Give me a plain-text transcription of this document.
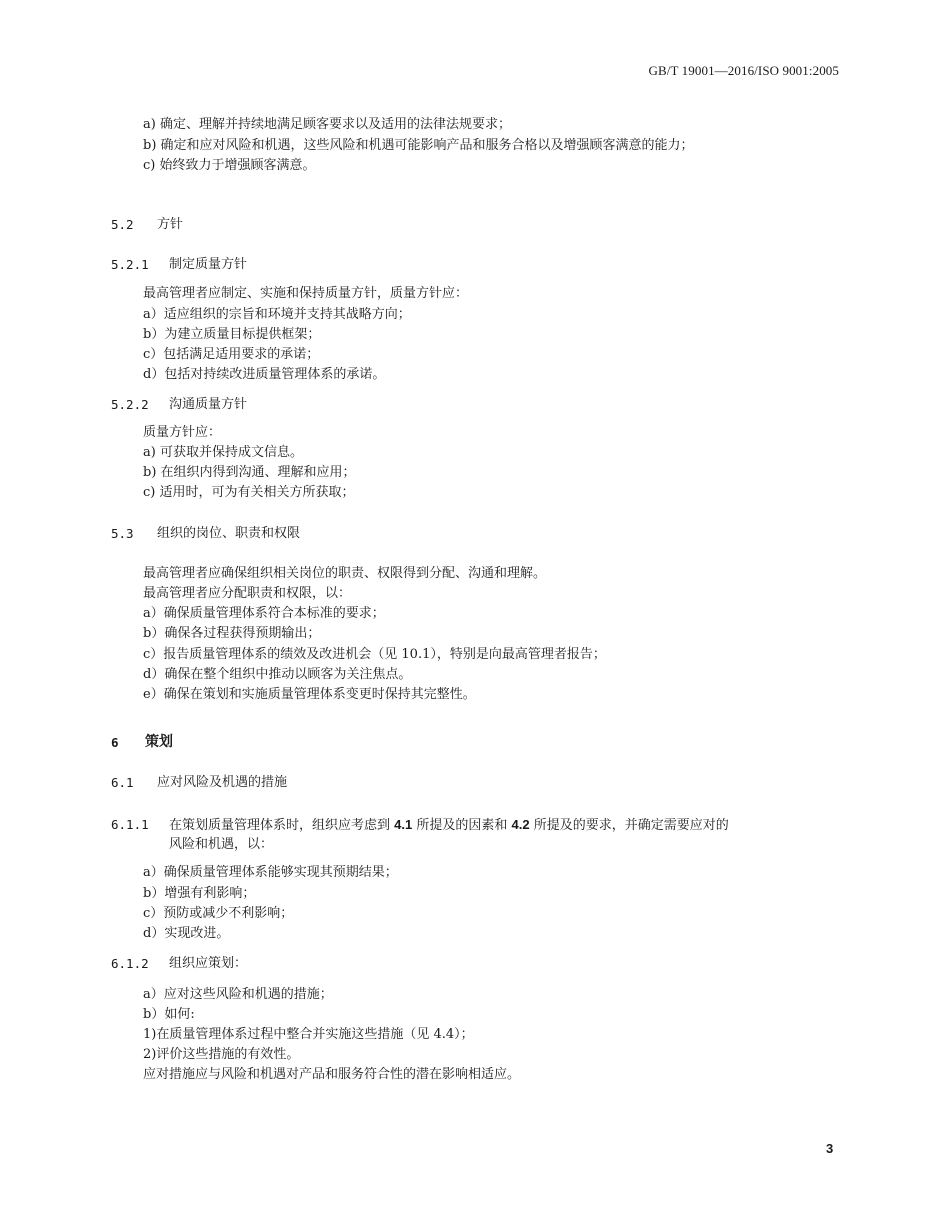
GB/T 19001—2016/ISO 9001:2005
a) 确定、理解并持续地满足顾客要求以及适用的法律法规要求；
b) 确定和应对风险和机遇，这些风险和机遇可能影响产品和服务合格以及增强顾客满意的能力；
c) 始终致力于增强顾客满意。
5.2 方针
5.2.1 制定质量方针
最高管理者应制定、实施和保持质量方针，质量方针应：
a）适应组织的宗旨和环境并支持其战略方向；
b）为建立质量目标提供框架；
c）包括满足适用要求的承诺；
d）包括对持续改进质量管理体系的承诺。
5.2.2 沟通质量方针
质量方针应：
a) 可获取并保持成文信息。
b) 在组织内得到沟通、理解和应用；
c) 适用时，可为有关相关方所获取；
5.3 组织的岗位、职责和权限
最高管理者应确保组织相关岗位的职责、权限得到分配、沟通和理解。
最高管理者应分配职责和权限，以：
a）确保质量管理体系符合本标准的要求；
b）确保各过程获得预期输出；
c）报告质量管理体系的绩效及改进机会（见 10.1），特别是向最高管理者报告；
d）确保在整个组织中推动以顾客为关注焦点。
e）确保在策划和实施质量管理体系变更时保持其完整性。
6 策划
6.1 应对风险及机遇的措施
6.1.1 在策划质量管理体系时，组织应考虑到 4.1 所提及的因素和 4.2 所提及的要求，并确定需要应对的
风险和机遇，以：
a）确保质量管理体系能够实现其预期结果；
b）增强有利影响；
c）预防或减少不利影响；
d）实现改进。
6.1.2 组织应策划：
a）应对这些风险和机遇的措施；
b）如何:
1)在质量管理体系过程中整合并实施这些措施（见 4.4）；
2)评价这些措施的有效性。
应对措施应与风险和机遇对产品和服务符合性的潜在影响相适应。
3
